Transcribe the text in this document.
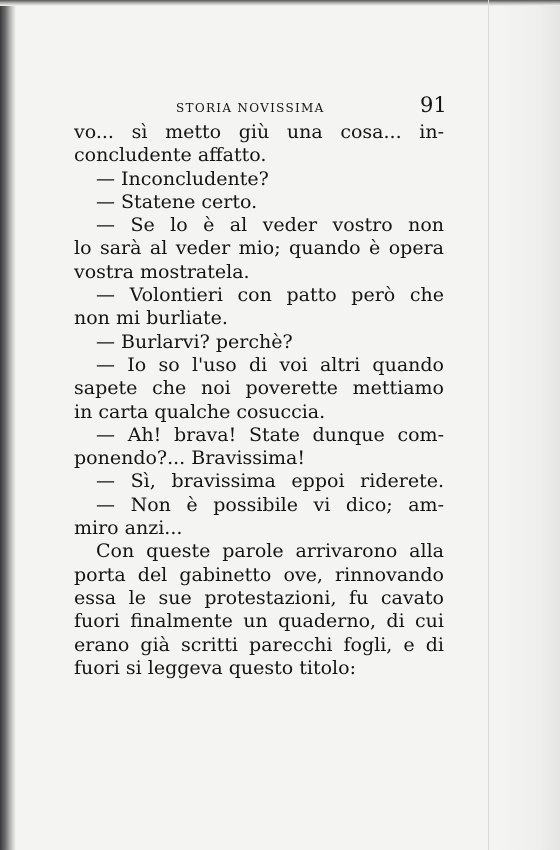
STORIA NOVISSIMA	91
vo... sì metto giù una cosa... in-
concludente affatto.
— Inconcludente?
— Statene certo.
— Se lo è al veder vostro non
lo sarà al veder mio; quando è opera
vostra mostratela.
— Volontieri con patto però che
non mi burliate.
— Burlarvi? perchè?
— Io so l'uso di voi altri quando
sapete che noi poverette mettiamo
in carta qualche cosuccia.
— Ah! brava! State dunque com-
ponendo?... Bravissima!
— Sì, bravissima eppoi riderete.
— Non è possibile vi dico; am-
miro anzi...
Con queste parole arrivarono alla
porta del gabinetto ove, rinnovando
essa le sue protestazioni, fu cavato
fuori finalmente un quaderno, di cui
erano già scritti parecchi fogli, e di
fuori si leggeva questo titolo:
